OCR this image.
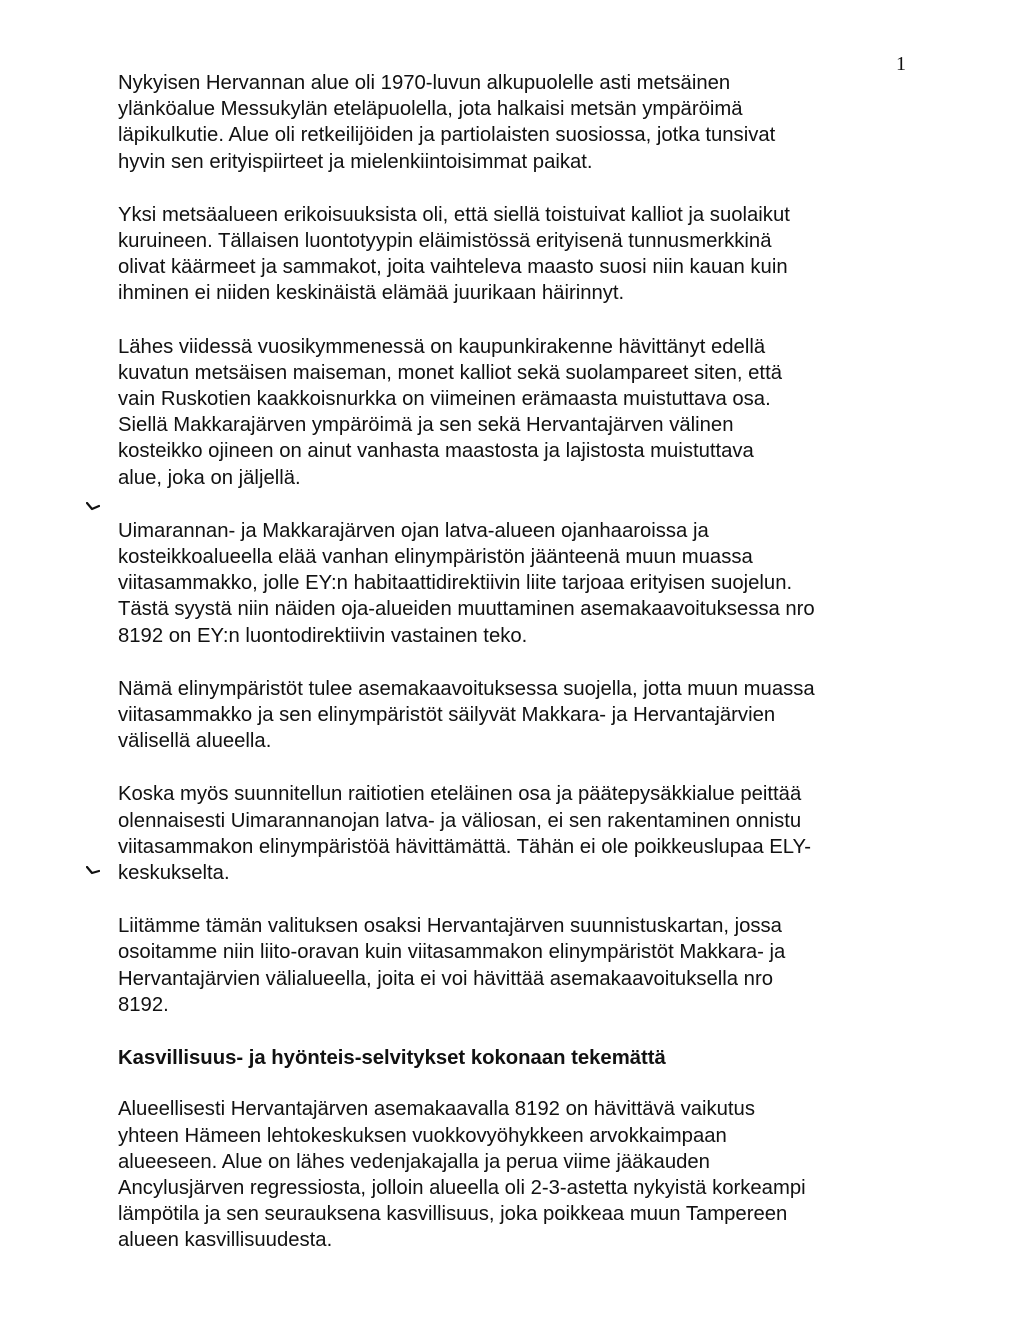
1
Nykyisen Hervannan alue oli 1970-luvun alkupuolelle asti metsäinen
ylänköalue Messukylän eteläpuolella, jota halkaisi metsän ympäröimä
läpikulkutie. Alue oli retkeilijöiden ja partiolaisten suosiossa, jotka tunsivat
hyvin sen erityispiirteet ja mielenkiintoisimmat paikat.
Yksi metsäalueen erikoisuuksista oli, että siellä toistuivat kalliot ja suolaikut
kuruineen. Tällaisen luontotyypin eläimistössä erityisenä tunnusmerkkinä
olivat käärmeet ja sammakot, joita vaihteleva maasto suosi niin kauan kuin
ihminen ei niiden keskinäistä elämää juurikaan häirinnyt.
Lähes viidessä vuosikymmenessä on kaupunkirakenne hävittänyt edellä
kuvatun metsäisen maiseman, monet kalliot sekä suolampareet siten, että
vain Ruskotien kaakkoisnurkka on viimeinen erämaasta muistuttava osa.
Siellä Makkarajärven ympäröimä ja sen sekä Hervantajärven välinen
kosteikko ojineen on ainut vanhasta maastosta ja lajistosta muistuttava
alue, joka on jäljellä.
Uimarannan- ja Makkarajärven ojan latva-alueen ojanhaaroissa ja
kosteikkoalueella elää vanhan elinympäristön jäänteenä muun muassa
viitasammakko, jolle EY:n habitaattidirektiivin liite tarjoaa erityisen suojelun.
Tästä syystä niin näiden oja-alueiden muuttaminen asemakaavoituksessa nro
8192 on EY:n luontodirektiivin vastainen teko.
Nämä elinympäristöt tulee asemakaavoituksessa suojella, jotta muun muassa
viitasammakko ja sen elinympäristöt säilyvät Makkara- ja Hervantajärvien
välisellä alueella.
Koska myös suunnitellun raitiotien eteläinen osa ja päätepysäkkialue peittää
olennaisesti Uimarannanojan latva- ja väliosan, ei sen rakentaminen onnistu
viitasammakon elinympäristöä hävittämättä. Tähän ei ole poikkeuslupaa ELY-
keskukselta.
Liitämme tämän valituksen osaksi Hervantajärven suunnistuskartan, jossa
osoitamme niin liito-oravan kuin viitasammakon elinympäristöt Makkara- ja
Hervantajärvien välialueella, joita ei voi hävittää asemakaavoituksella nro
8192.
Kasvillisuus- ja hyönteis-selvitykset kokonaan tekemättä
Alueellisesti Hervantajärven asemakaavalla 8192 on hävittävä vaikutus
yhteen Hämeen lehtokeskuksen vuokkovyöhykkeen arvokkaimpaan
alueeseen. Alue on lähes vedenjakajalla ja perua viime jääkauden
Ancylusjärven regressiosta, jolloin alueella oli 2-3-astetta nykyistä korkeampi
lämpötila ja sen seurauksena kasvillisuus, joka poikkeaa muun Tampereen
alueen kasvillisuudesta.
